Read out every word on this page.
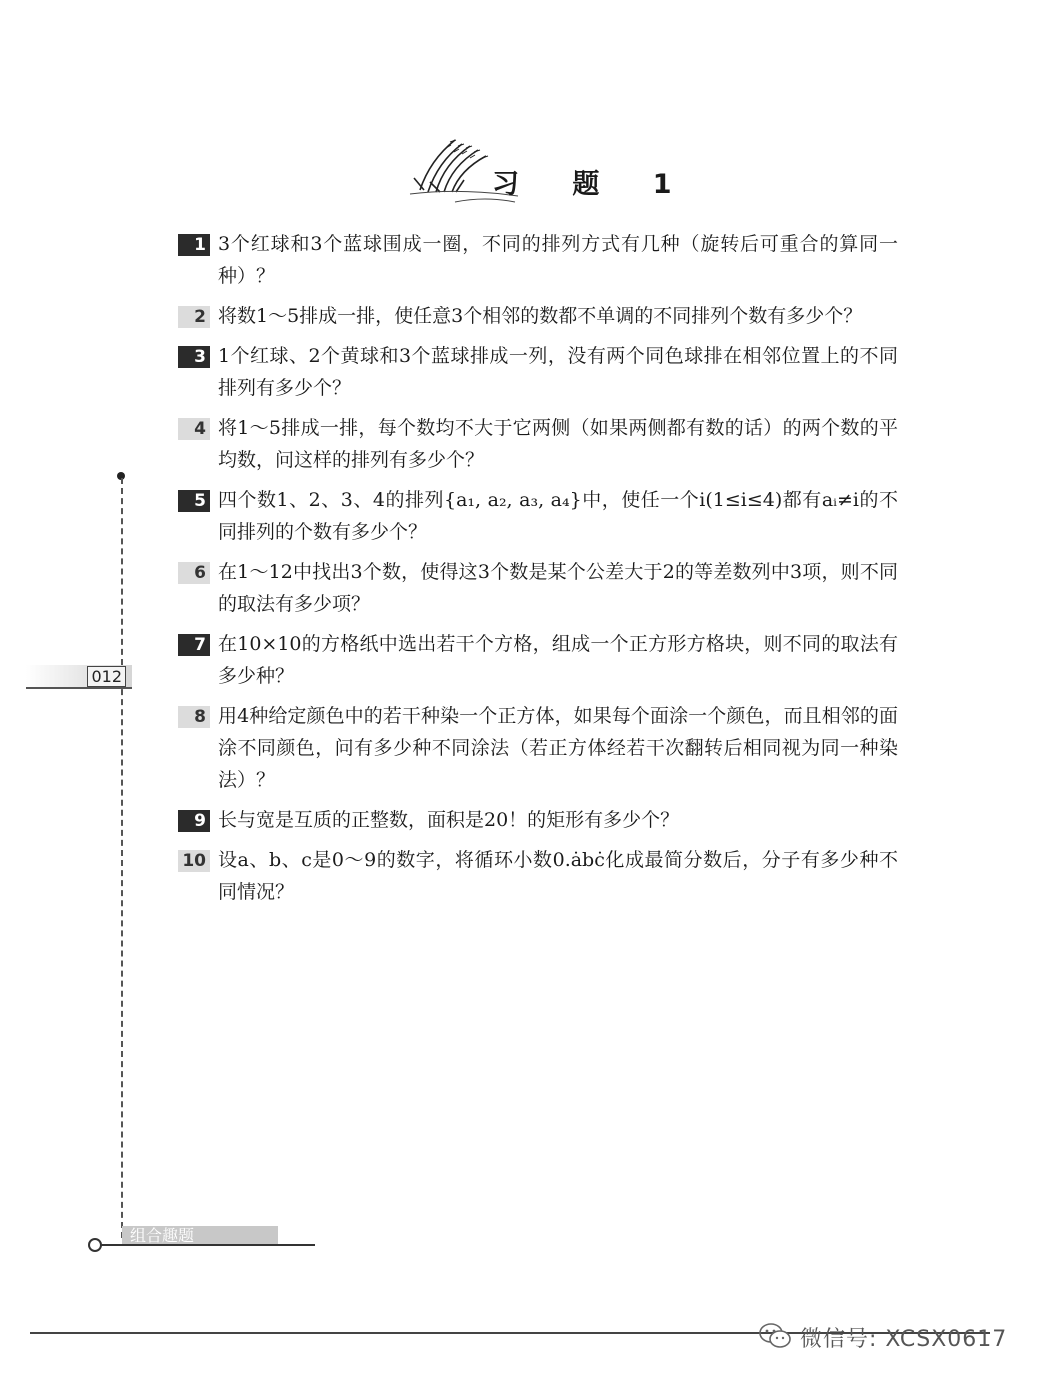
习 题 1
1 3个红球和3个蓝球围成一圈，不同的排列方式有几种（旋转后可重合的算同一种）？
2 将数1～5排成一排，使任意3个相邻的数都不单调的不同排列个数有多少个？
3 1个红球、2个黄球和3个蓝球排成一列，没有两个同色球排在相邻位置上的不同排列有多少个？
4 将1～5排成一排，每个数均不大于它两侧（如果两侧都有数的话）的两个数的平均数，问这样的排列有多少个？
5 四个数1、2、3、4的排列{a₁, a₂, a₃, a₄}中，使任一个i(1≤i≤4)都有aᵢ≠i的不同排列的个数有多少个？
6 在1～12中找出3个数，使得这3个数是某个公差大于2的等差数列中3项，则不同的取法有多少项？
7 在10×10的方格纸中选出若干个方格，组成一个正方形方格块，则不同的取法有多少种？
8 用4种给定颜色中的若干种染一个正方体，如果每个面涂一个颜色，而且相邻的面涂不同颜色，问有多少种不同涂法（若正方体经若干次翻转后相同视为同一种染法）？
9 长与宽是互质的正整数，面积是20！的矩形有多少个？
10 设a、b、c是0～9的数字，将循环小数0.ȧbċ化成最简分数后，分子有多少种不同情况？
012
组合趣题
微信号: XCSX0617
